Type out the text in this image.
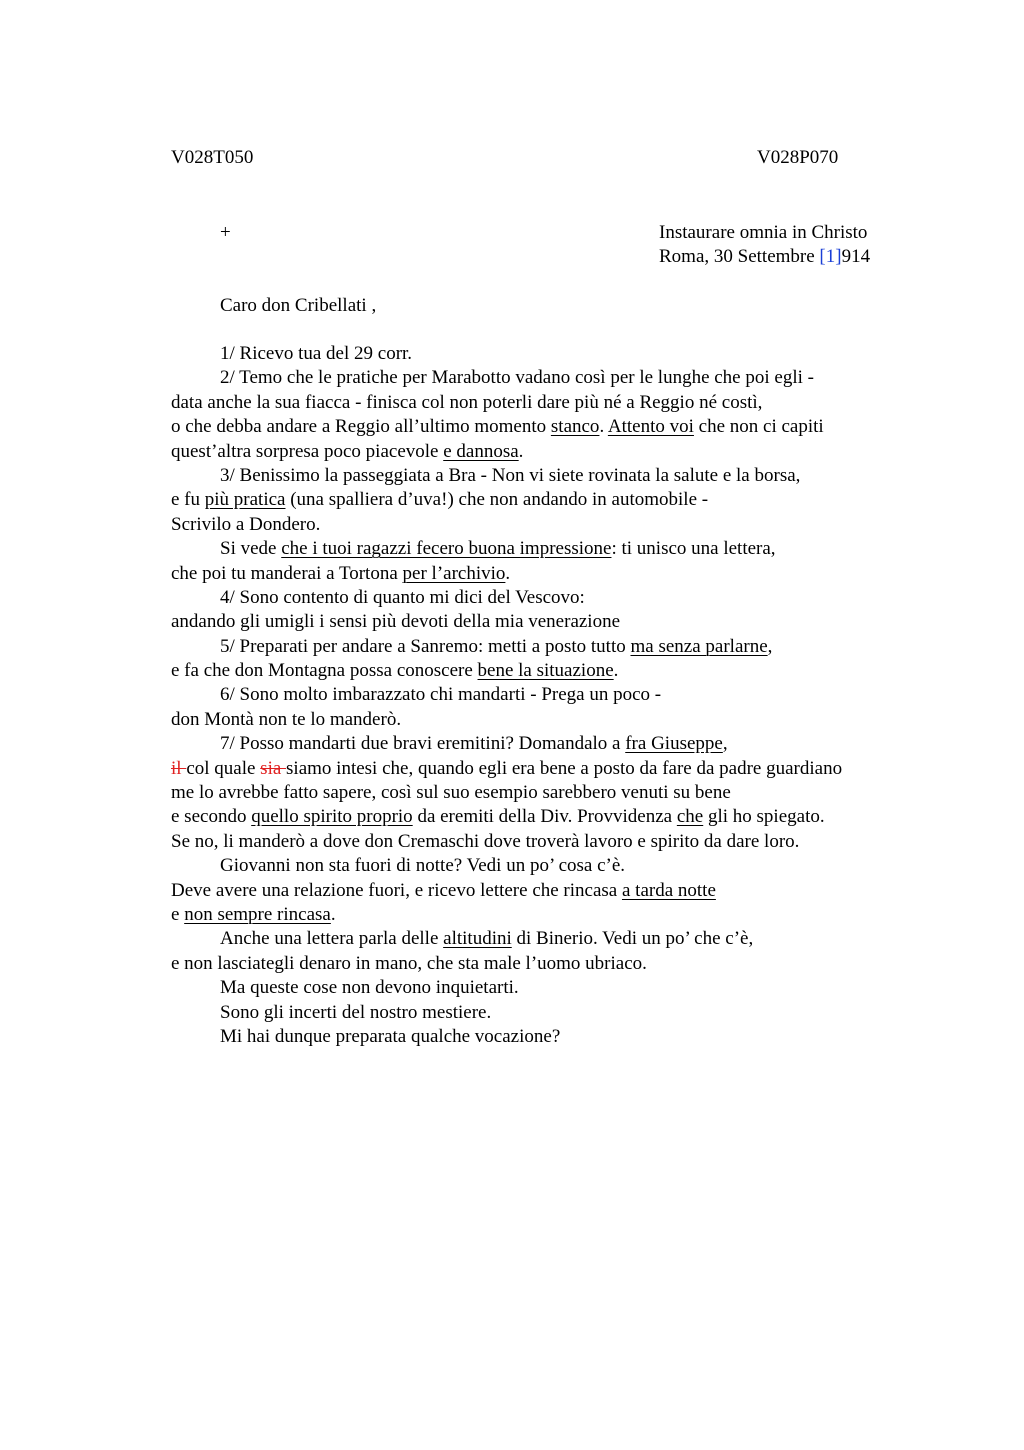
V028T050	V028P070
+	Instaurare omnia in Christo
Roma, 30 Settembre [1]914
Caro don Cribellati ,
1/ Ricevo tua del 29 corr.
2/ Temo che le pratiche per Marabotto vadano così per le lunghe che poi egli -
data anche la sua fiacca - finisca col non poterli dare più né a Reggio né costì,
o che debba andare a Reggio all’ultimo momento stanco. Attento voi che non ci capiti
quest’altra sorpresa poco piacevole e dannosa.
3/ Benissimo la passeggiata a Bra - Non vi siete rovinata la salute e la borsa,
e fu più pratica (una spalliera d’uva!) che non andando in automobile -
Scrivilo a Dondero.
Si vede che i tuoi ragazzi fecero buona impressione: ti unisco una lettera,
che poi tu manderai a Tortona per l’archivio.
4/ Sono contento di quanto mi dici del Vescovo:
andando gli umigli i sensi più devoti della mia venerazione
5/ Preparati per andare a Sanremo: metti a posto tutto ma senza parlarne,
e fa che don Montagna possa conoscere bene la situazione.
6/ Sono molto imbarazzato chi mandarti - Prega un poco -
don Montà non te lo manderò.
7/ Posso mandarti due bravi eremitini? Domandalo a fra Giuseppe,
il col quale sia siamo intesi che, quando egli era bene a posto da fare da padre guardiano
me lo avrebbe fatto sapere, così sul suo esempio sarebbero venuti su bene
e secondo quello spirito proprio da eremiti della Div. Provvidenza che gli ho spiegato.
Se no, li manderò a dove don Cremaschi dove troverà lavoro e spirito da dare loro.
Giovanni non sta fuori di notte? Vedi un po’ cosa c’è.
Deve avere una relazione fuori, e ricevo lettere che rincasa a tarda notte
e non sempre rincasa.
Anche una lettera parla delle altitudini di Binerio. Vedi un po’ che c’è,
e non lasciategli denaro in mano, che sta male l’uomo ubriaco.
Ma queste cose non devono inquietarti.
Sono gli incerti del nostro mestiere.
Mi hai dunque preparata qualche vocazione?
